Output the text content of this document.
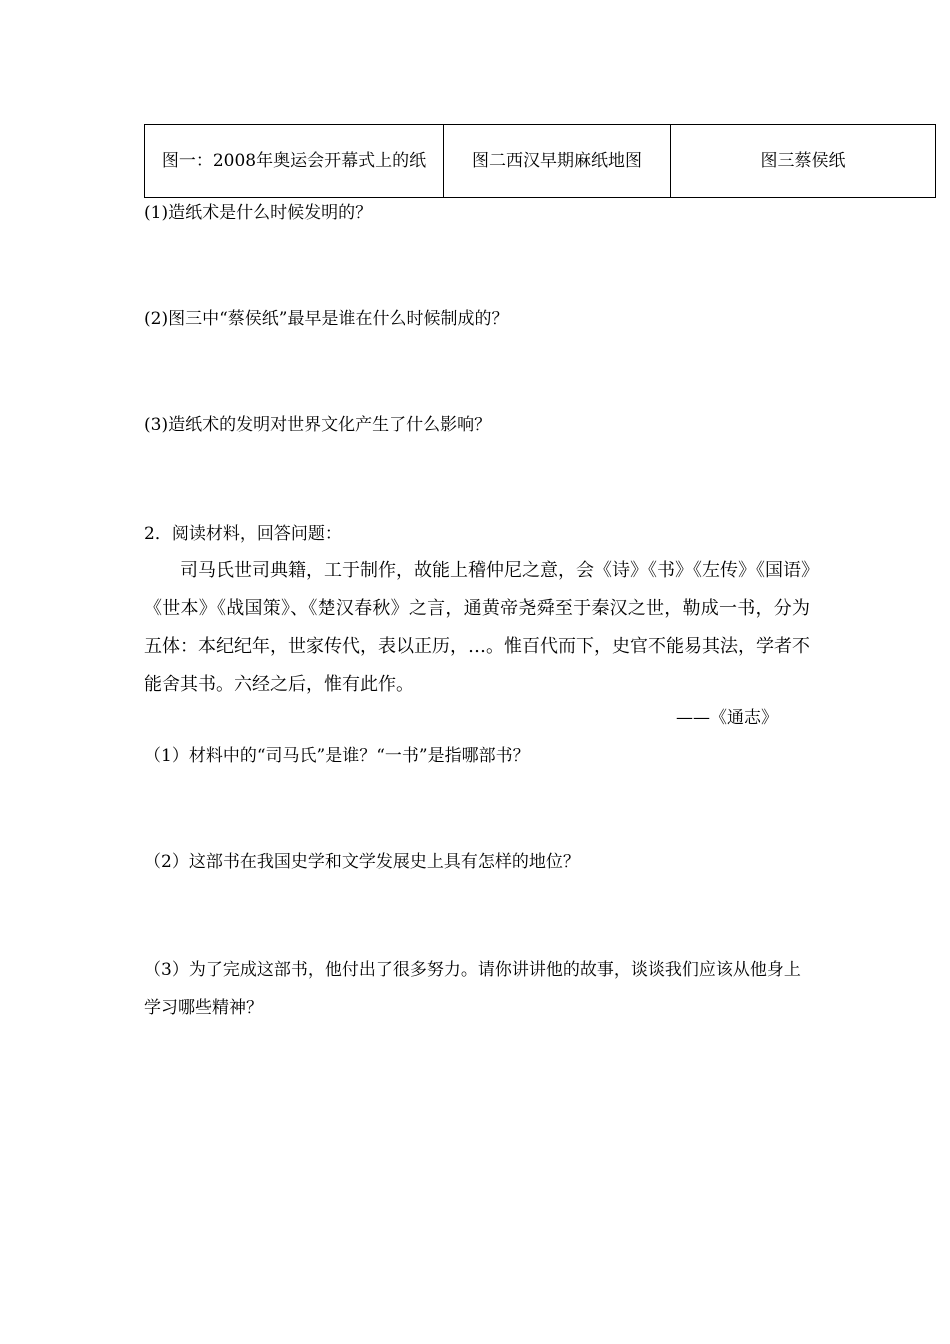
图一：2008年奥运会开幕式上的纸	图二西汉早期麻纸地图	图三蔡侯纸
(1)造纸术是什么时候发明的？
(2)图三中“蔡侯纸”最早是谁在什么时候制成的？
(3)造纸术的发明对世界文化产生了什么影响？
2．阅读材料，回答问题：
司马氏世司典籍，工于制作，故能上稽仲尼之意，会《诗》《书》《左传》《国语》《世本》《战国策》、《楚汉春秋》之言，通黄帝尧舜至于秦汉之世，勒成一书，分为五体：本纪纪年，世家传代，表以正历，…。惟百代而下，史官不能易其法，学者不能舍其书。六经之后，惟有此作。
——《通志》
（1）材料中的“司马氏”是谁？“一书”是指哪部书？
（2）这部书在我国史学和文学发展史上具有怎样的地位？
（3）为了完成这部书，他付出了很多努力。请你讲讲他的故事，谈谈我们应该从他身上学习哪些精神？
